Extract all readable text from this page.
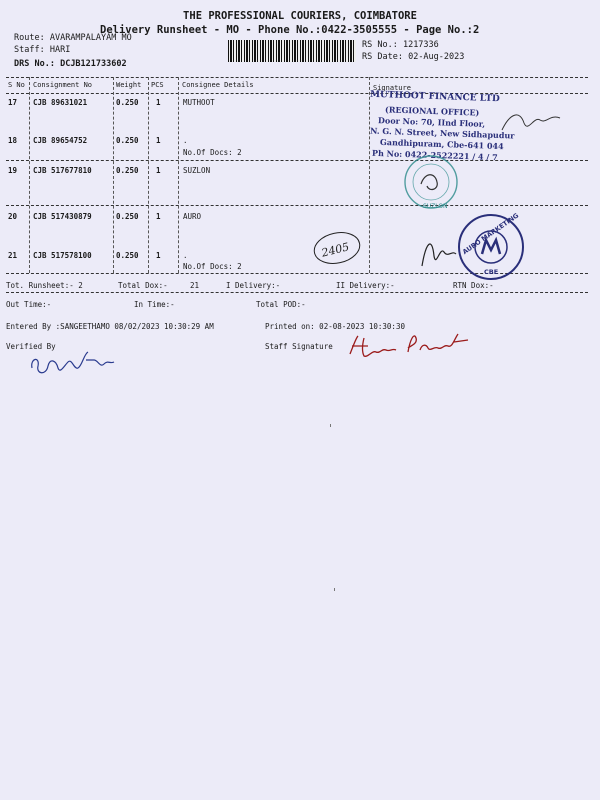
THE PROFESSIONAL COURIERS, COIMBATORE
Delivery Runsheet - MO - Phone No.:0422-3505555 - Page No.:2
Route: AVARAMPALAYAM MO
Staff: HARI
DRS No.: DCJB121733602
RS No.: 1217336
RS Date: 02-Aug-2023
S No Consignment No	Weight PCS	Consignee Details	Signature
17 CJB 89631021	0.250 1	MUTHOOT
18 CJB 89654752	0.250 1	.
No.Of Docs: 2
19 CJB 517677810	0.250 1	SUZLON
20 CJB 517430879	0.250 1	AURO
21 CJB 517578100	0.250 1	.
No.Of Docs: 2
MUTHOOT FINANCE LTD
(REGIONAL OFFICE)
Door No: 70, IInd Floor,
N. G. N. Street, New Sidhapudur
Gandhipuram, Cbe-641 044
Ph No: 0422-2522221 / 4 / 7
SUZLON
2405	AURO MARKETING
CBE
Tot. Runsheet:- 2	Total Dox:-	21	I Delivery:-	II Delivery:-	RTN Dox:-
Out Time:-	In Time:-	Total POD:-
Entered By :SANGEETHAMO 08/02/2023 10:30:29 AM	Printed on: 02-08-2023 10:30:30
Verified By	Staff Signature
